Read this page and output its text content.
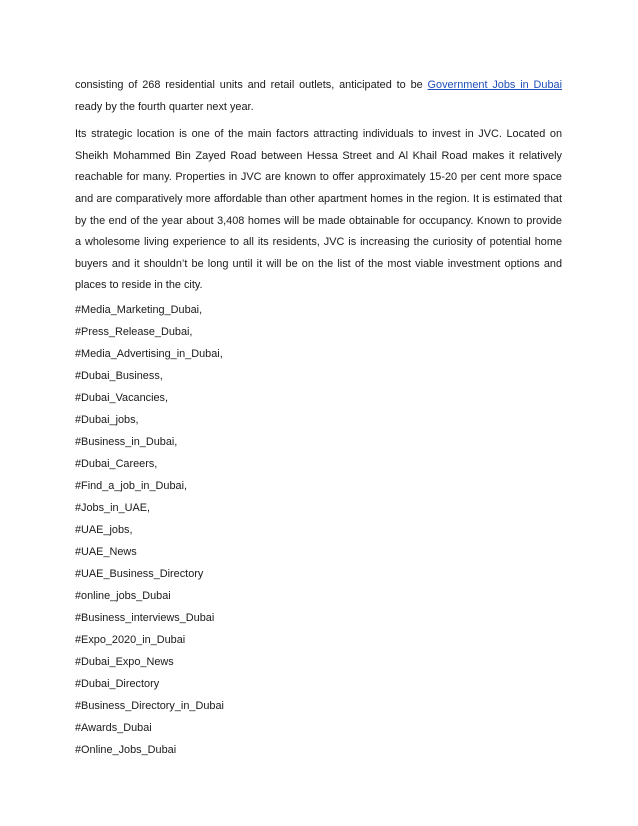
consisting of 268 residential units and retail outlets, anticipated to be Government Jobs in Dubai ready by the fourth quarter next year.

Its strategic location is one of the main factors attracting individuals to invest in JVC. Located on Sheikh Mohammed Bin Zayed Road between Hessa Street and Al Khail Road makes it relatively reachable for many. Properties in JVC are known to offer approximately 15-20 per cent more space and are comparatively more affordable than other apartment homes in the region. It is estimated that by the end of the year about 3,408 homes will be made obtainable for occupancy. Known to provide a wholesome living experience to all its residents, JVC is increasing the curiosity of potential home buyers and it shouldn’t be long until it will be on the list of the most viable investment options and places to reside in the city.

#Media_Marketing_Dubai,
#Press_Release_Dubai,
#Media_Advertising_in_Dubai,
#Dubai_Business,
#Dubai_Vacancies,
#Dubai_jobs,
#Business_in_Dubai,
#Dubai_Careers,
#Find_a_job_in_Dubai,
#Jobs_in_UAE,
#UAE_jobs,
#UAE_News
#UAE_Business_Directory
#online_jobs_Dubai
#Business_interviews_Dubai
#Expo_2020_in_Dubai
#Dubai_Expo_News
#Dubai_Directory
#Business_Directory_in_Dubai
#Awards_Dubai
#Online_Jobs_Dubai
